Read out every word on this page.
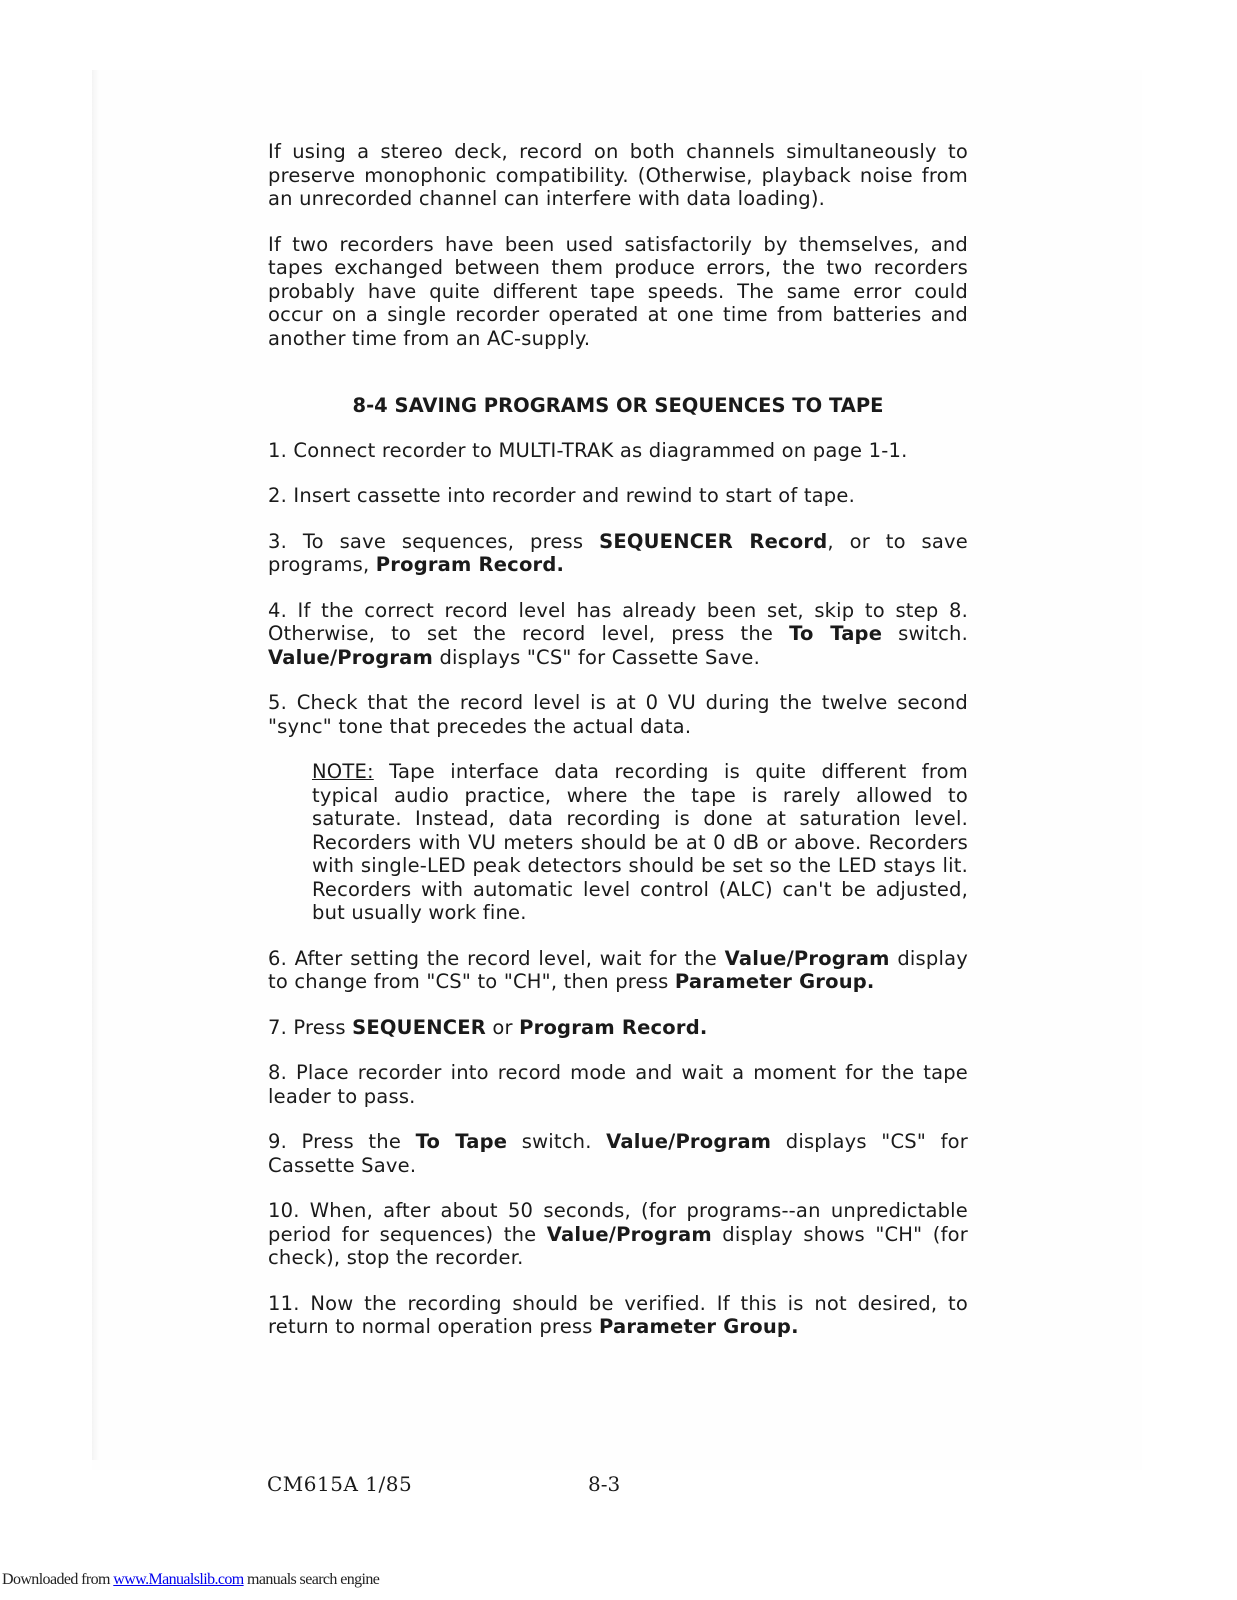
If using a stereo deck, record on both channels simultaneously to preserve monophonic compatibility. (Otherwise, playback noise from an unrecorded channel can interfere with data loading).

If two recorders have been used satisfactorily by themselves, and tapes exchanged between them produce errors, the two recorders probably have quite different tape speeds. The same error could occur on a single recorder operated at one time from batteries and another time from an AC-supply.

8-4 SAVING PROGRAMS OR SEQUENCES TO TAPE

1. Connect recorder to MULTI-TRAK as diagrammed on page 1-1.

2. Insert cassette into recorder and rewind to start of tape.

3. To save sequences, press SEQUENCER Record, or to save programs, Program Record.

4. If the correct record level has already been set, skip to step 8. Otherwise, to set the record level, press the To Tape switch. Value/Program displays "CS" for Cassette Save.

5. Check that the record level is at 0 VU during the twelve second "sync" tone that precedes the actual data.

NOTE: Tape interface data recording is quite different from typical audio practice, where the tape is rarely allowed to saturate. Instead, data recording is done at saturation level. Recorders with VU meters should be at 0 dB or above. Recorders with single-LED peak detectors should be set so the LED stays lit. Recorders with automatic level control (ALC) can't be adjusted, but usually work fine.

6. After setting the record level, wait for the Value/Program display to change from "CS" to "CH", then press Parameter Group.

7. Press SEQUENCER or Program Record.

8. Place recorder into record mode and wait a moment for the tape leader to pass.

9. Press the To Tape switch. Value/Program displays "CS" for Cassette Save.

10. When, after about 50 seconds, (for programs--an unpredictable period for sequences) the Value/Program display shows "CH" (for check), stop the recorder.

11. Now the recording should be verified. If this is not desired, to return to normal operation press Parameter Group.

CM615A 1/85	8-3
Downloaded from www.Manualslib.com manuals search engine
